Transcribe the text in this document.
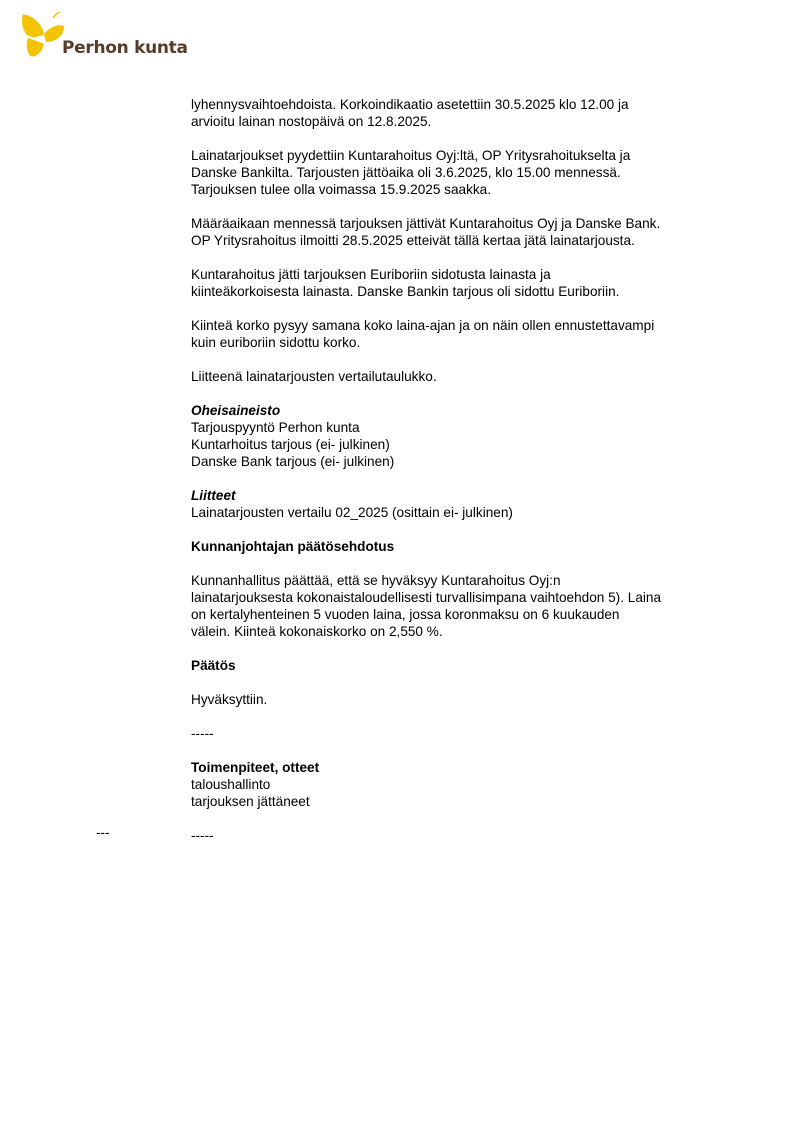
Perhon kunta

lyhennysvaihtoehdoista. Korkoindikaatio asetettiin 30.5.2025 klo 12.00 ja
arvioitu lainan nostopäivä on 12.8.2025.

Lainatarjoukset pyydettiin Kuntarahoitus Oyj:ltä, OP Yritysrahoitukselta ja
Danske Bankilta. Tarjousten jättöaika oli 3.6.2025, klo 15.00 mennessä.
Tarjouksen tulee olla voimassa 15.9.2025 saakka.

Määräaikaan mennessä tarjouksen jättivät Kuntarahoitus Oyj ja Danske Bank.
OP Yritysrahoitus ilmoitti 28.5.2025 etteivät tällä kertaa jätä lainatarjousta.

Kuntarahoitus jätti tarjouksen Euriboriin sidotusta lainasta ja
kiinteäkorkoisesta lainasta. Danske Bankin tarjous oli sidottu Euriboriin.

Kiinteä korko pysyy samana koko laina-ajan ja on näin ollen ennustettavampi
kuin euriboriin sidottu korko.

Liitteenä lainatarjousten vertailutaulukko.

Oheisaineisto
Tarjouspyyntö Perhon kunta
Kuntarhoitus tarjous (ei- julkinen)
Danske Bank tarjous (ei- julkinen)

Liitteet
Lainatarjousten vertailu 02_2025 (osittain ei- julkinen)

Kunnanjohtajan päätösehdotus

Kunnanhallitus päättää, että se hyväksyy Kuntarahoitus Oyj:n
lainatarjouksesta kokonaistaloudellisesti turvallisimpana vaihtoehdon 5). Laina
on kertalyhenteinen 5 vuoden laina, jossa koronmaksu on 6 kuukauden
välein. Kiinteä kokonaiskorko on 2,550 %.

Päätös

Hyväksyttiin.

-----

Toimenpiteet, otteet
taloushallinto
tarjouksen jättäneet

-----

---
